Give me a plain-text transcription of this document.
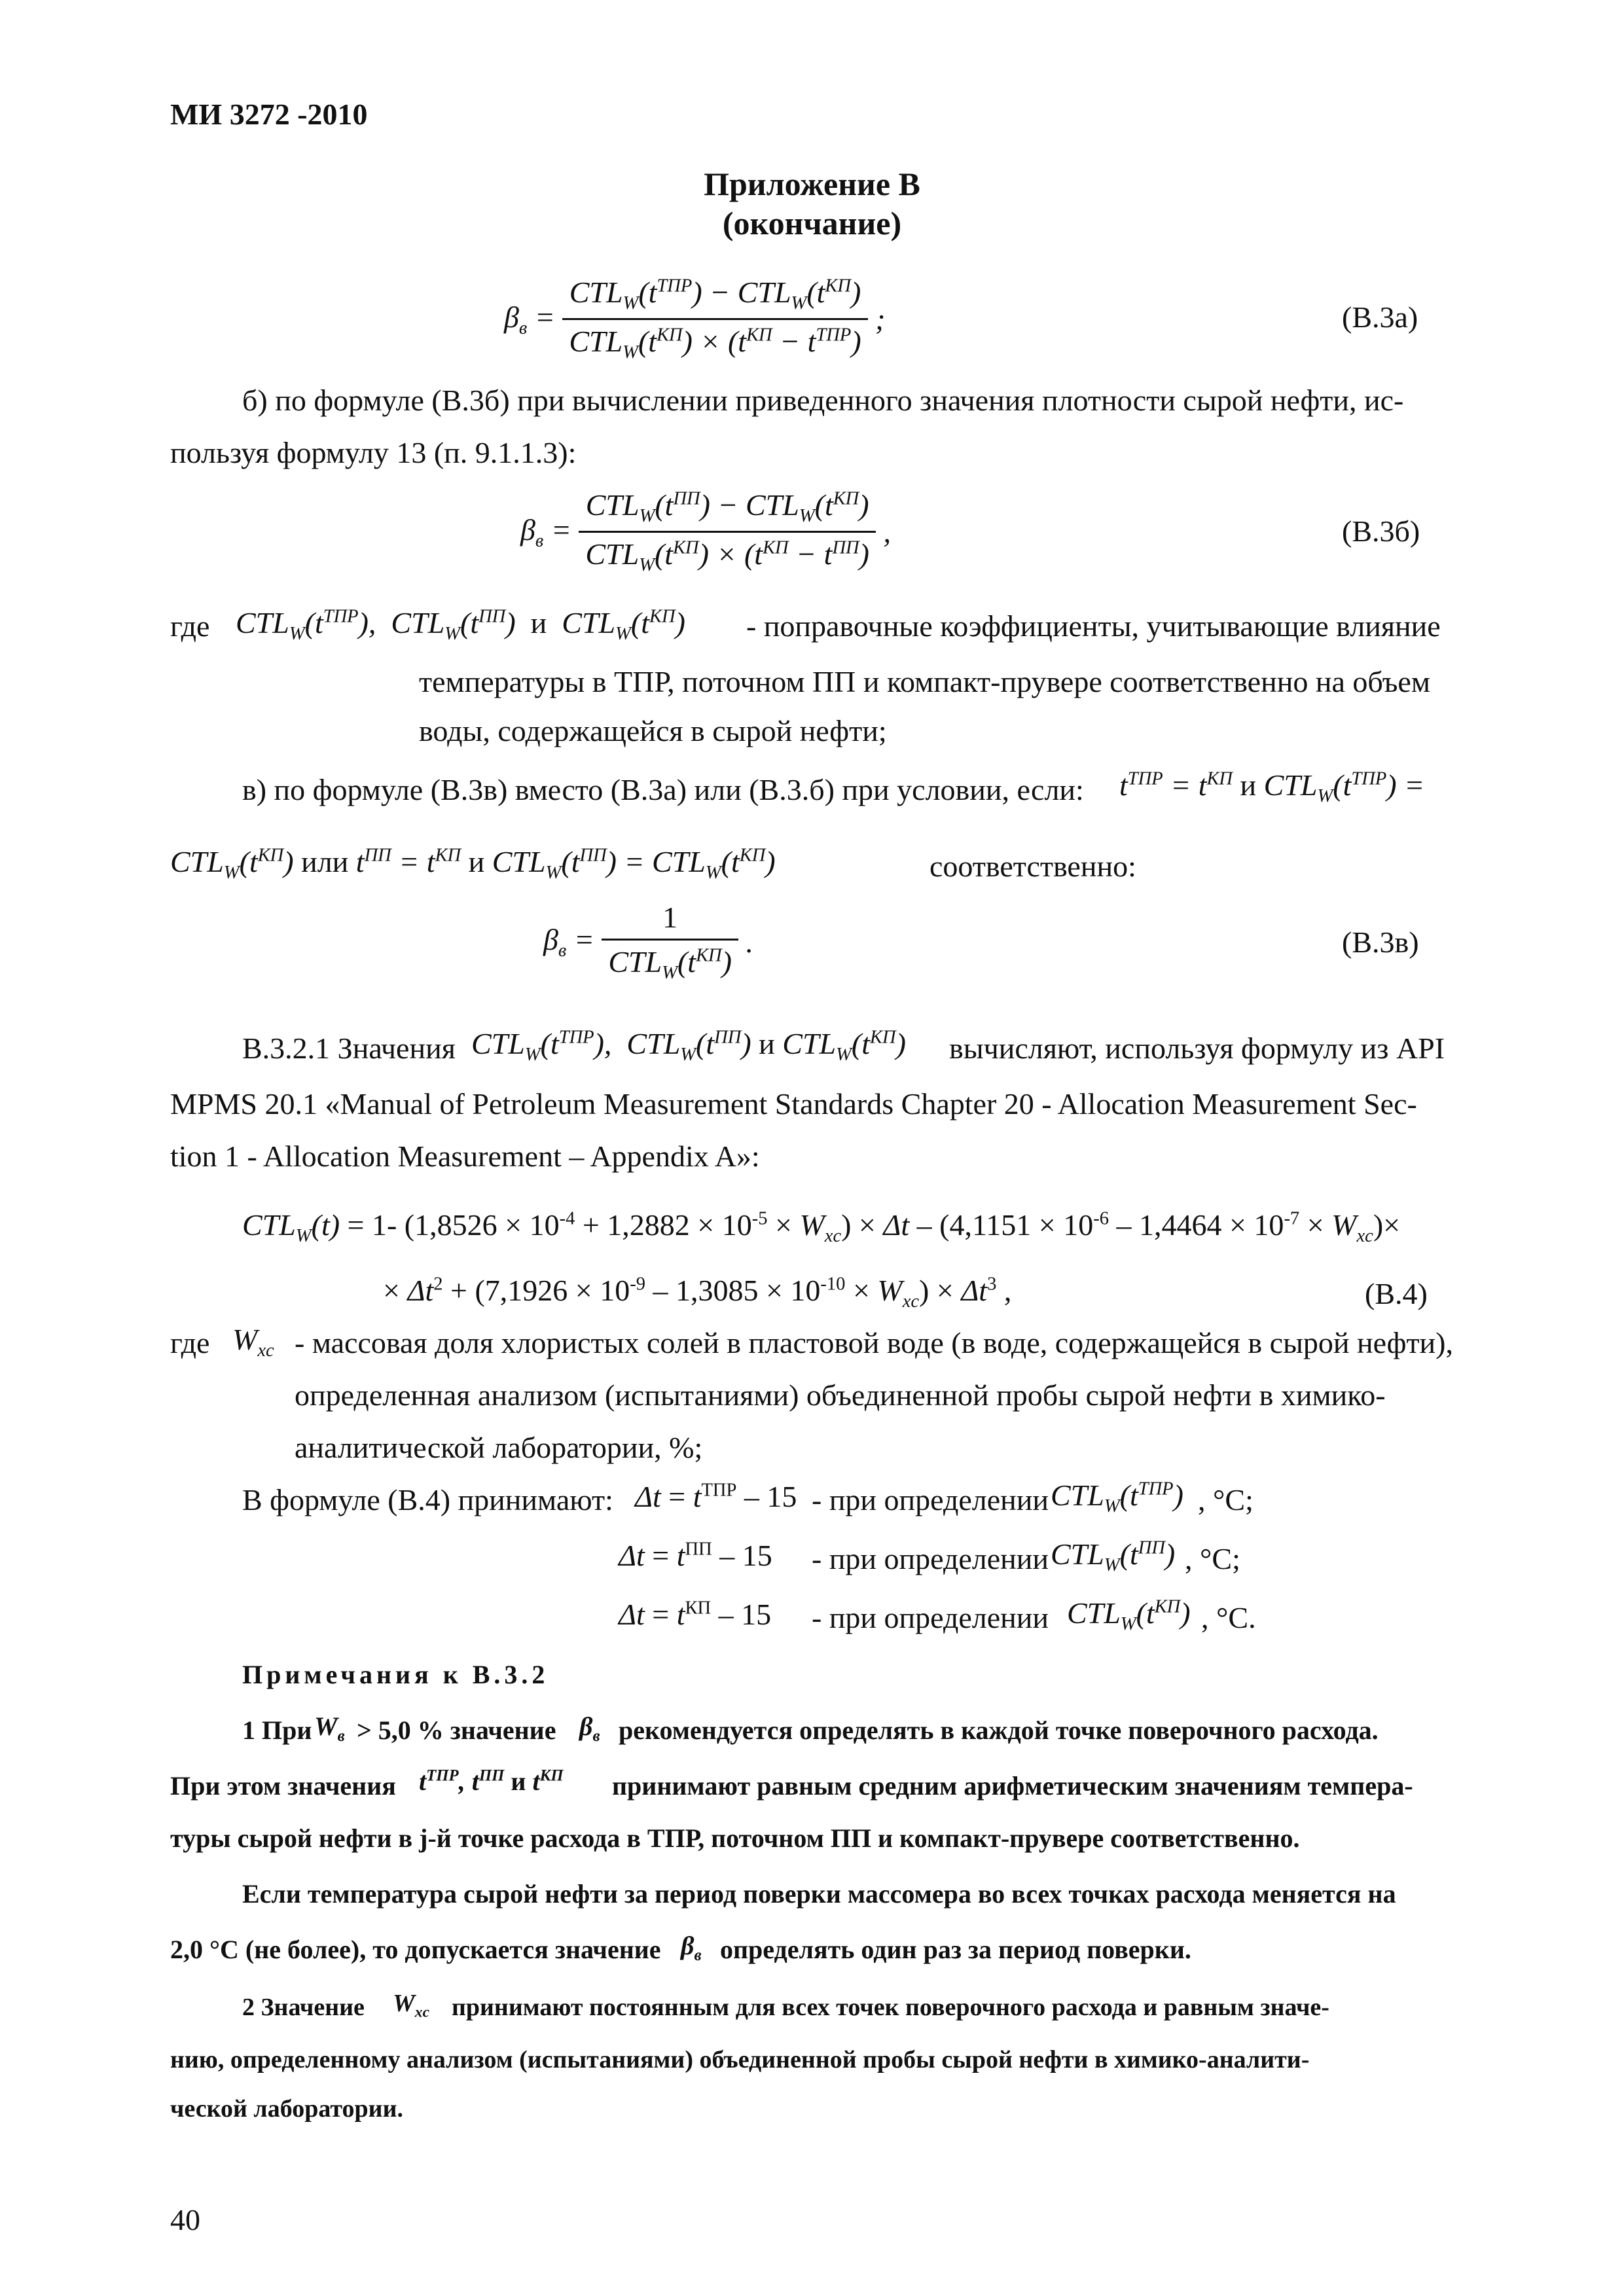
МИ 3272 -2010
Приложение В
(окончание)
$\beta_в = \frac{CTL_W(t^{ТПР}) - CTL_W(t^{КП})}{CTL_W(t^{КП}) \times (t^{КП} - t^{ТПР})}$ ;	(В.3а)
б) по формуле (В.3б) при вычислении приведенного значения плотности сырой нефти, ис-
пользуя формулу 13 (п. 9.1.1.3):
$\beta_в = \frac{CTL_W(t^{ПП}) - CTL_W(t^{КП})}{CTL_W(t^{КП}) \times (t^{КП} - t^{ПП})}$ ,	(В.3б)
где $CTL_W(t^{ТПР})$,  $CTL_W(t^{ПП})$  и  $CTL_W(t^{КП})$ - поправочные коэффициенты, учитывающие влияние
температуры в ТПР, поточном ПП и компакт-прувере соответственно на объем
воды, содержащейся в сырой нефти;
в) по формуле (В.3в) вместо (В.3а) или (В.3.б) при условии, если: $t^{ТПР} = t^{КП}$ и $CTL_W(t^{ТПР})$ =
$CTL_W(t^{КП})$ или $t^{ПП} = t^{КП}$ и $CTL_W(t^{ПП}) = CTL_W(t^{КП})$	соответственно:
$\beta_в = \frac{1}{CTL_W(t^{КП})}$ .	(В.3в)
В.3.2.1 Значения $CTL_W(t^{ТПР})$,  $CTL_W(t^{ПП})$ и $CTL_W(t^{КП})$ вычисляют, используя формулу из API
MPMS 20.1 «Manual of Petroleum Measurement Standards Chapter 20 - Allocation Measurement Sec-
tion 1 - Allocation Measurement – Appendix A»:
$CTL_W(t) = 1-$ $(1,8526 \times 10^{-4} + 1,2882 \times 10^{-5} \times W_{xc}) \times \Delta t - (4,1151 \times 10^{-6} - 1,4464 \times 10^{-7} \times W_{xc})\times$
× $\Delta t^2 + (7,1926 \times 10^{-9} - 1,3085 \times 10^{-10} \times W_{xc}) \times \Delta t^3$ ,	(В.4)
где $W_{xc}$ - массовая доля хлористых солей в пластовой воде (в воде, содержащейся в сырой нефти),
определенная анализом (испытаниями) объединенной пробы сырой нефти в химико-
аналитической лаборатории, %;
В формуле (В.4) принимают: $\Delta t = t^{ТПР} - 15$ - при определении $CTL_W(t^{ТПР})$ , °С;
$\Delta t = t^{ПП} - 15$ - при определении $CTL_W(t^{ПП})$ , °С;
$\Delta t = t^{КП} - 15$ - при определении $CTL_W(t^{КП})$ , °С.
Примечания к В.3.2
1 При $W_в > 5,0$ % значение $\beta_в$ рекомендуется определять в каждой точке поверочного расхода.
При этом значения $t^{ТПР}$, $t^{ПП}$ и $t^{КП}$ принимают равным средним арифметическим значениям темпера-
туры сырой нефти в j-й точке расхода в ТПР, поточном ПП и компакт-прувере соответственно.
Если температура сырой нефти за период поверки массомера во всех точках расхода меняется на
2,0 °С (не более), то допускается значение $\beta_в$ определять один раз за период поверки.
2 Значение $W_{xc}$ принимают постоянным для всех точек поверочного расхода и равным значе-
нию, определенному анализом (испытаниями) объединенной пробы сырой нефти в химико-аналити-
ческой лаборатории.
40
